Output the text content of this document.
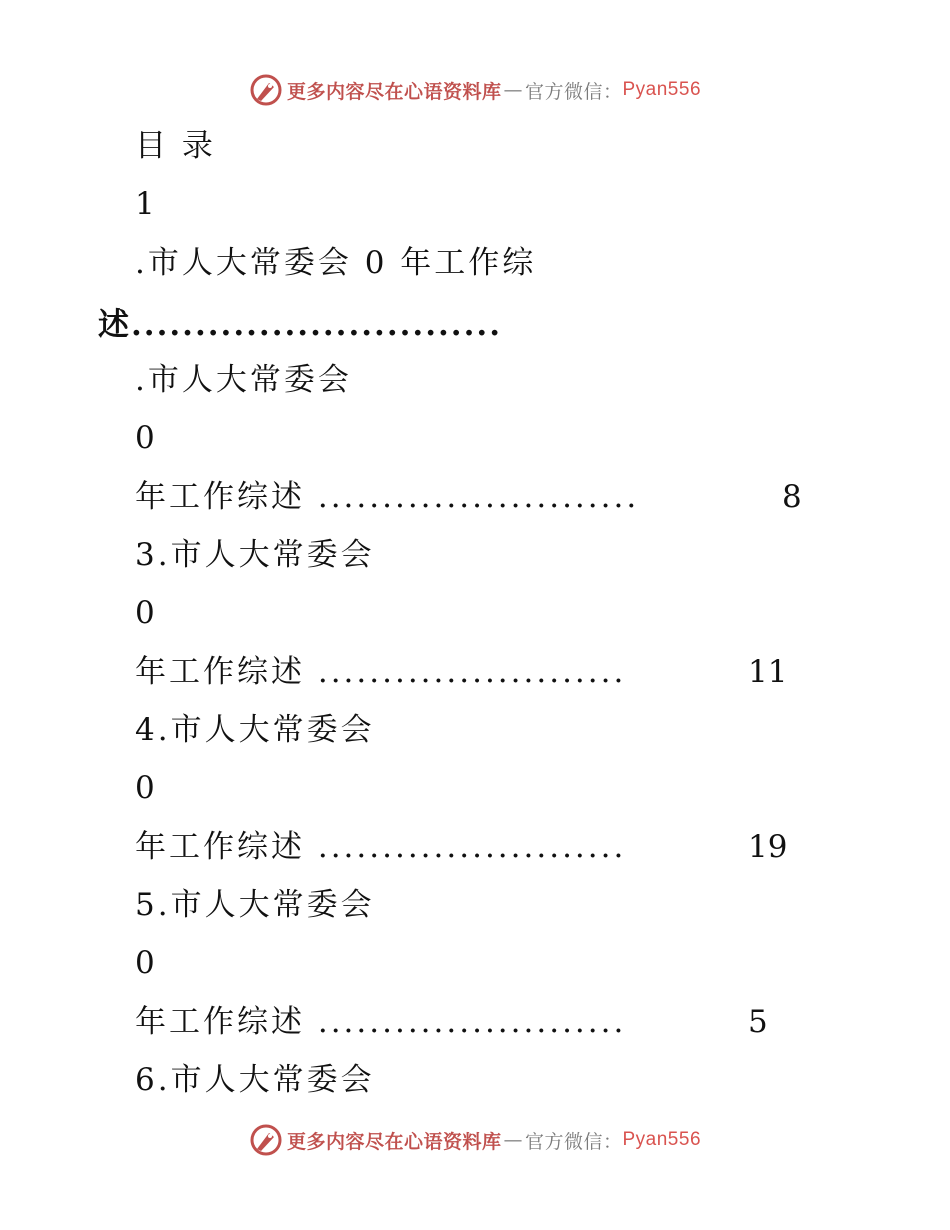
更多内容尽在心语资料库 — 官方微信： Pyan556
目 录
1
.市人大常委会 0 年工作综
述.............................
.市人大常委会
0
年工作综述 .........................	8
3.市人大常委会
0
年工作综述 ........................	11
4.市人大常委会
0
年工作综述 ........................	19
5.市人大常委会
0
年工作综述 ........................	5
6.市人大常委会
更多内容尽在心语资料库 — 官方微信： Pyan556
